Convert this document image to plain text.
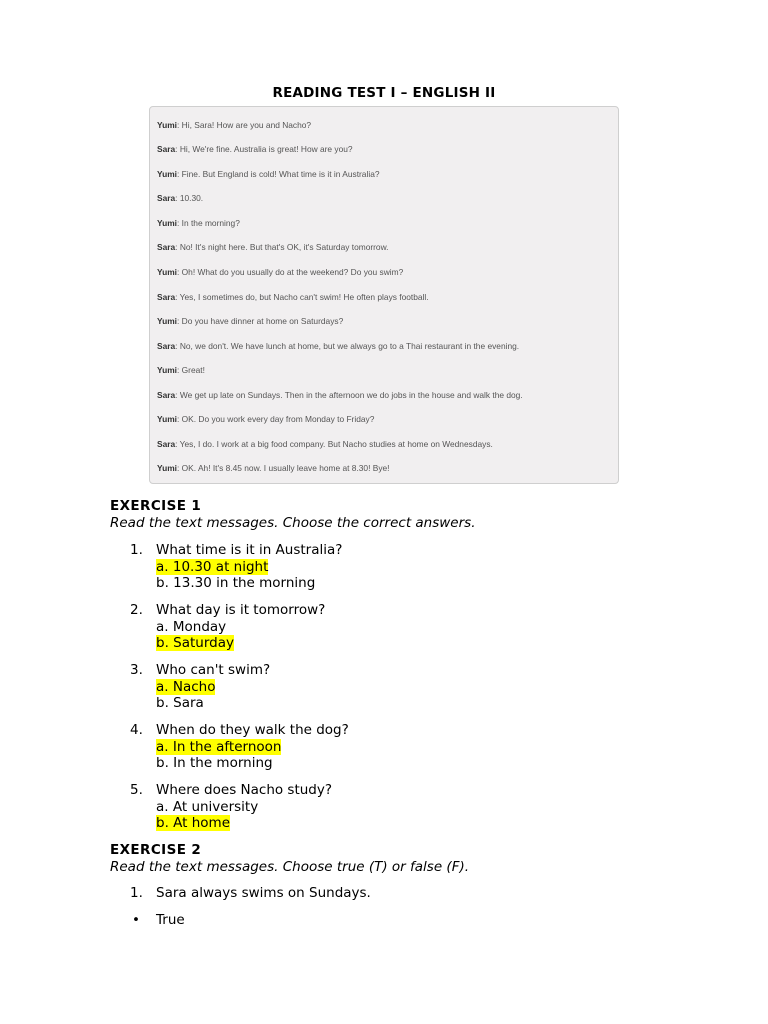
READING TEST I – ENGLISH II
Yumi: Hi, Sara! How are you and Nacho?
Sara: Hi, We're fine. Australia is great! How are you?
Yumi: Fine. But England is cold! What time is it in Australia?
Sara: 10.30.
Yumi: In the morning?
Sara: No! It's night here. But that's OK, it's Saturday tomorrow.
Yumi: Oh! What do you usually do at the weekend? Do you swim?
Sara: Yes, I sometimes do, but Nacho can't swim! He often plays football.
Yumi: Do you have dinner at home on Saturdays?
Sara: No, we don't. We have lunch at home, but we always go to a Thai restaurant in the evening.
Yumi: Great!
Sara: We get up late on Sundays. Then in the afternoon we do jobs in the house and walk the dog.
Yumi: OK. Do you work every day from Monday to Friday?
Sara: Yes, I do. I work at a big food company. But Nacho studies at home on Wednesdays.
Yumi: OK. Ah! It's 8.45 now. I usually leave home at 8.30! Bye!
EXERCISE 1
Read the text messages. Choose the correct answers.
1. What time is it in Australia?
a. 10.30 at night
b. 13.30 in the morning
2. What day is it tomorrow?
a. Monday
b. Saturday
3. Who can't swim?
a. Nacho
b. Sara
4. When do they walk the dog?
a. In the afternoon
b. In the morning
5. Where does Nacho study?
a. At university
b. At home
EXERCISE 2
Read the text messages. Choose true (T) or false (F).
1. Sara always swims on Sundays.
• True
